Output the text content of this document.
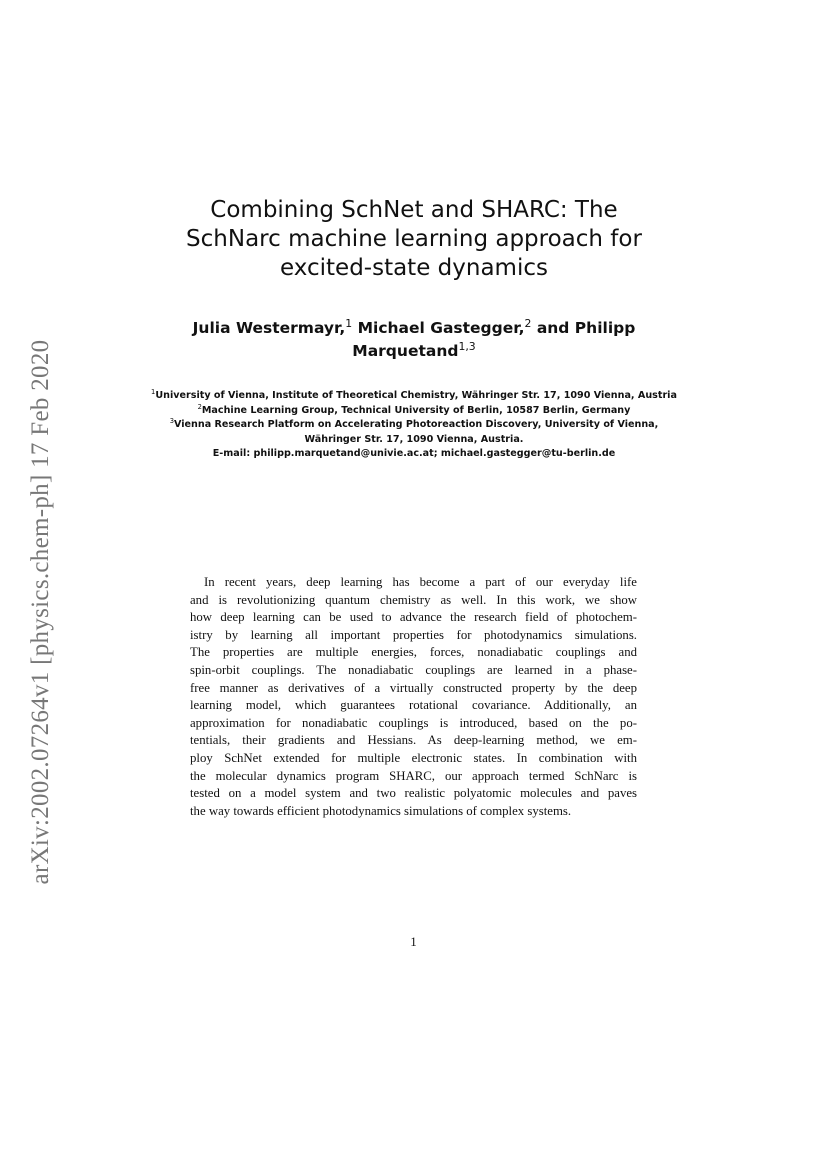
arXiv:2002.07264v1 [physics.chem-ph] 17 Feb 2020
Combining SchNet and SHARC: The
SchNarc machine learning approach for
excited-state dynamics
Julia Westermayr,$^1$ Michael Gastegger,$^2$ and Philipp
Marquetand$^{1,3}$
$^1$University of Vienna, Institute of Theoretical Chemistry, Währinger Str. 17, 1090 Vienna, Austria
$^2$Machine Learning Group, Technical University of Berlin, 10587 Berlin, Germany
$^3$Vienna Research Platform on Accelerating Photoreaction Discovery, University of Vienna, Währinger Str. 17, 1090 Vienna, Austria.
E-mail: philipp.marquetand@univie.ac.at; michael.gastegger@tu-berlin.de
In recent years, deep learning has become a part of our everyday life
and is revolutionizing quantum chemistry as well. In this work, we show
how deep learning can be used to advance the research field of photochem-
istry by learning all important properties for photodynamics simulations.
The properties are multiple energies, forces, nonadiabatic couplings and
spin-orbit couplings. The nonadiabatic couplings are learned in a phase-
free manner as derivatives of a virtually constructed property by the deep
learning model, which guarantees rotational covariance. Additionally, an
approximation for nonadiabatic couplings is introduced, based on the po-
tentials, their gradients and Hessians. As deep-learning method, we em-
ploy SchNet extended for multiple electronic states. In combination with
the molecular dynamics program SHARC, our approach termed SchNarc is
tested on a model system and two realistic polyatomic molecules and paves
the way towards efficient photodynamics simulations of complex systems.
1
